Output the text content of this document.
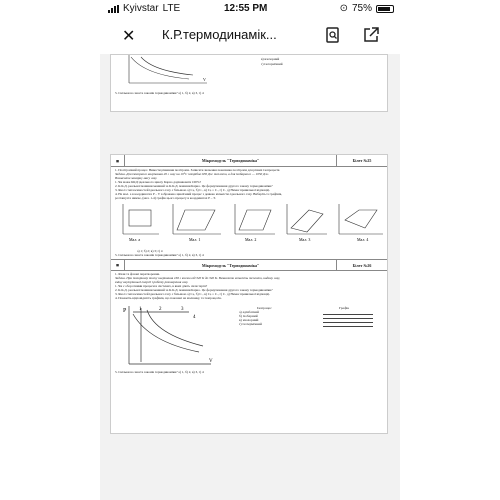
Kyivstar LTE	12:55 PM	⊙ 75%
✕ К.Р.термодинамік...
V
в) изохорний
г) ізотермічний
5. Скільки во знаєте законів термодинаміки? а) 1, б) 2, в) 3, г) 4
▦	Мікромодуль "Термодинаміка"	Білет №25
1. Політропний процес. Вивести рівняння політропи. Записати значення показника політропи для різних ізопроцесів
Задача. Для ізохорного нагрівання 20 г газу на 10°С потрібно 630 Дж теплоти, а для ізобарного — 1050 Дж.
Визначити молярну масу газу.
1. Чи може ККД ідеального циклу Карно дорівнювати 100%?
2. К.К.Д. реальної машини менший за К.К.Д. машини Карно. Це формулювання другого закону термодинаміки?
3. Яка із теплоємностей ідеального газу є більшою а) Сₚ, б) Cᵥ, в) Cₚ = Cᵥ, г) Cᵥ д) Немає правильної відповіді.
4. На мал. а в координатах P – V зображено циклічний процес з деякою кількістю ідеального газу. Виберіть із графіків,
розташуєте нижче, (мал. 1-4) графік цього процесу в координатах P – T.
Мал. а	Мал. 1	Мал. 2	Мал. 3	Мал. 4
а) 1; б) 2; в) 3; г) 4
5. Скільки во знаєте законів термодинаміки? а) 1, б) 2, в) 3, г) 4
▦	Мікромодуль "Термодинаміка"	Білет №26
1. Фази та фазові перетворення.
Задача. При ізохорному тиску нагрівання 160 г кисню від 320 К до 340 К. Визначити кількість теплоти, надану газу,
зміну внутрішньої енергії і роботу розширення газу.
1. Чи є оборотними процеси в системах, в яких діють сили тертя?
2. К.К.Д. реальної машини менший за К.К.Д. машини Карно. Це формулювання другого закону термодинаміки?
3. Яка із теплоємностей ідеального газу є більшою а) Сₚ, б) Cᵥ, в) Cₚ = Cᵥ, г) Cᵥ д) Немає правильної відповіді.
4. Покажіть відповідність графіків, що показані на малюнку, та ізопроцесів.
P	1	2	3
4
V
Ізопроцес	Графік
а) адіабатний	
б) ізобарний	
в) изохорний	
г) ізотермічний	
5. Скільки во знаєте законів термодинаміки? а) 1, б) 2, в) 3, г) 4
